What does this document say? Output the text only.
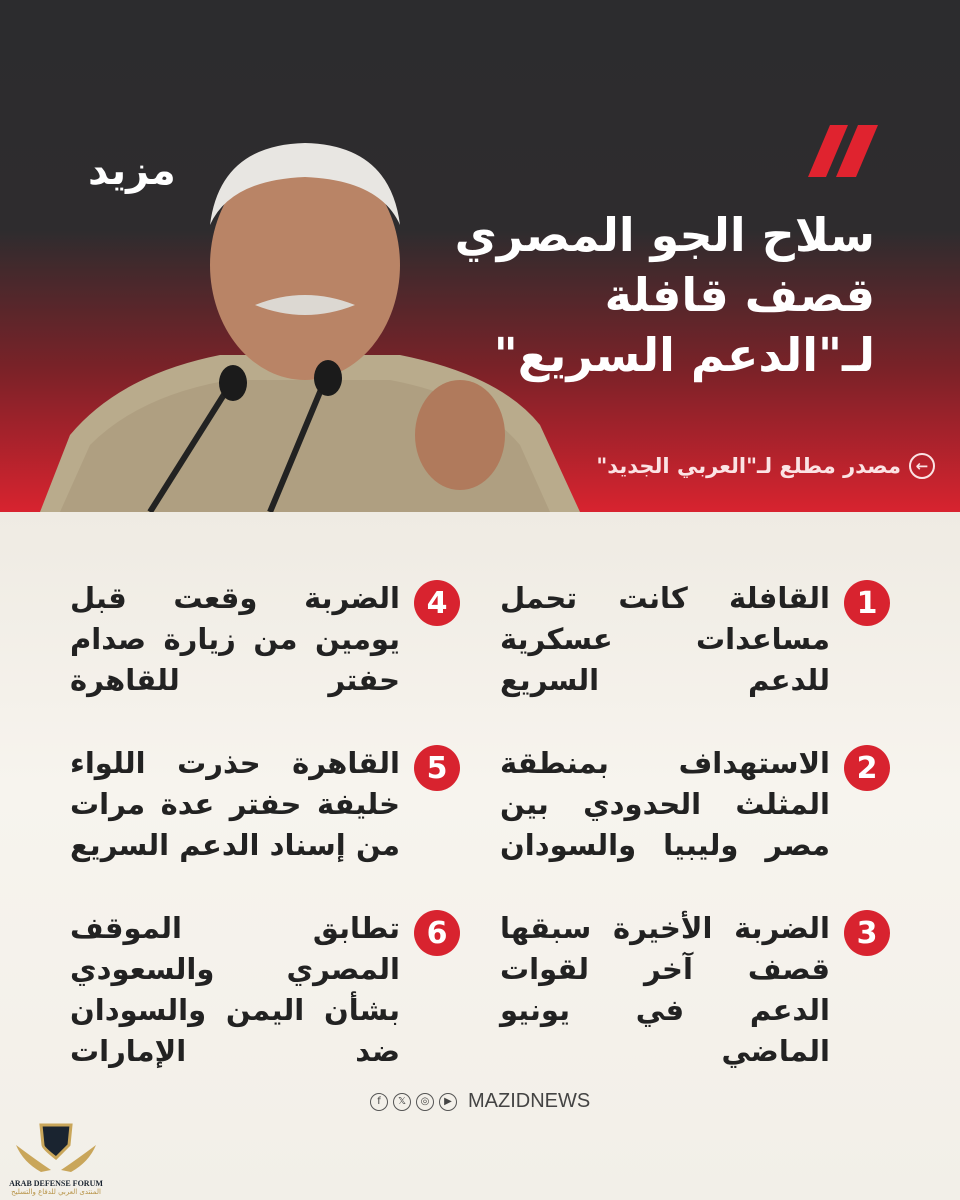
مزيد
سلاح الجو المصري
قصف قافلة
لـ"الدعم السريع"
←
مصدر مطلع لـ"العربي الجديد"
1
القافلة كانت تحمل مساعدات عسكرية للدعم السريع
2
الاستهداف بمنطقة المثلث الحدودي بين مصر وليبيا والسودان
3
الضربة الأخيرة سبقها قصف آخر لقوات الدعم في يونيو الماضي
4
الضربة وقعت قبل يومين من زيارة صدام حفتر للقاهرة
5
القاهرة حذرت اللواء خليفة حفتر عدة مرات من إسناد الدعم السريع
6
تطابق الموقف المصري والسعودي بشأن اليمن والسودان ضد الإمارات
f	𝕏	◎	▶ MAZIDNEWS
ARAB DEFENSE FORUM
المنتدى العربي للدفاع والتسليح
